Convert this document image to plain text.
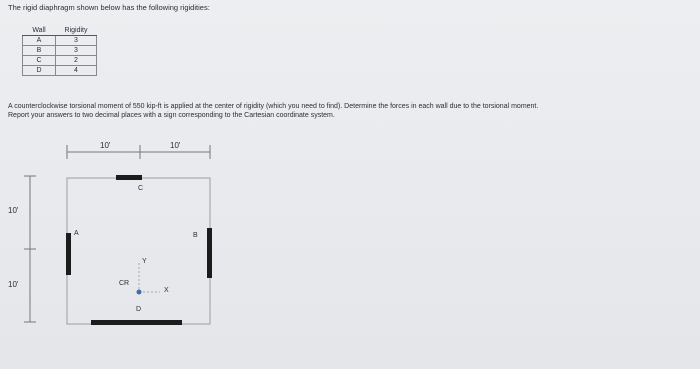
The rigid diaphragm shown below has the following rigidities:
Wall	Rigidity
A	3
B	3
C	2
D	4
A counterclockwise torsional moment of 550 kip-ft is applied at the center of rigidity (which you need to find). Determine the forces in each wall due to the torsional moment.
Report your answers to two decimal places with a sign corresponding to the Cartesian coordinate system.
10'	10'
10'
10'
A	B
C
D
CR
Y
X
